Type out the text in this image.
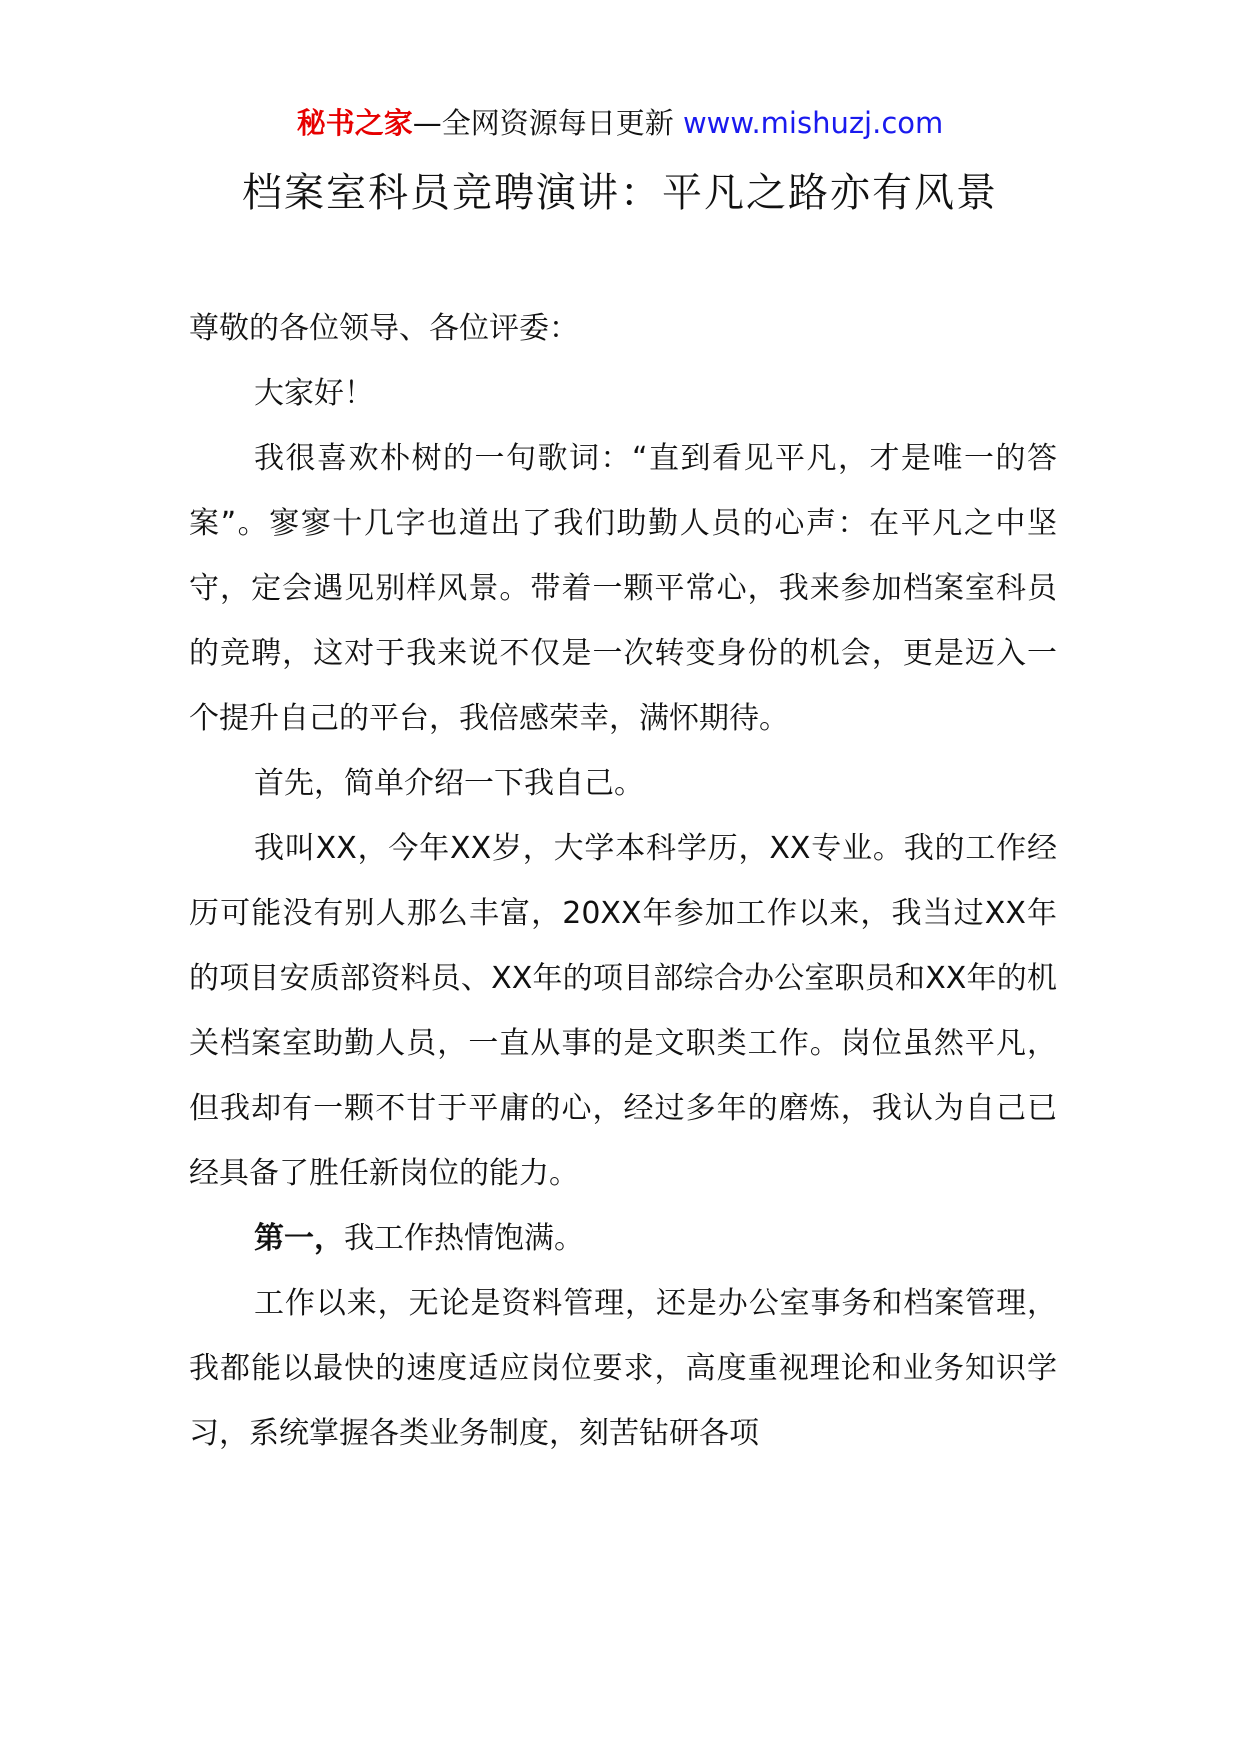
秘书之家—全网资源每日更新 www.mishuzj.com
档案室科员竞聘演讲：平凡之路亦有风景

尊敬的各位领导、各位评委：

大家好！

我很喜欢朴树的一句歌词：“直到看见平凡，才是唯一的答案”。寥寥十几字也道出了我们助勤人员的心声：在平凡之中坚守，定会遇见别样风景。带着一颗平常心，我来参加档案室科员的竞聘，这对于我来说不仅是一次转变身份的机会，更是迈入一个提升自己的平台，我倍感荣幸，满怀期待。

首先，简单介绍一下我自己。

我叫XX，今年XX岁，大学本科学历，XX专业。我的工作经历可能没有别人那么丰富，20XX年参加工作以来，我当过XX年的项目安质部资料员、XX年的项目部综合办公室职员和XX年的机关档案室助勤人员，一直从事的是文职类工作。岗位虽然平凡，但我却有一颗不甘于平庸的心，经过多年的磨炼，我认为自己已经具备了胜任新岗位的能力。

第一，我工作热情饱满。

工作以来，无论是资料管理，还是办公室事务和档案管理，我都能以最快的速度适应岗位要求，高度重视理论和业务知识学习，系统掌握各类业务制度，刻苦钻研各项
